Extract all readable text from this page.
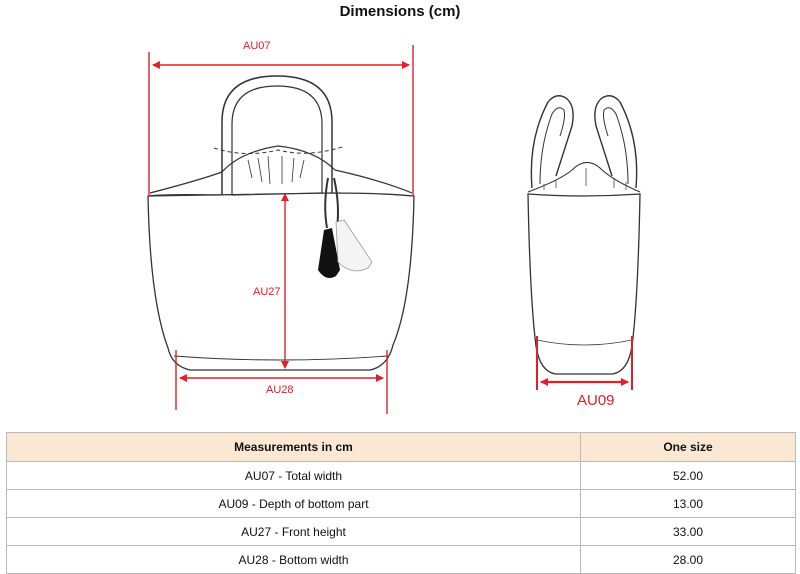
Dimensions (cm)
AU07
AU27
AU28
AU09
Measurements in cm	One size
AU07 - Total width	52.00
AU09 - Depth of bottom part	13.00
AU27 - Front height	33.00
AU28 - Bottom width	28.00
